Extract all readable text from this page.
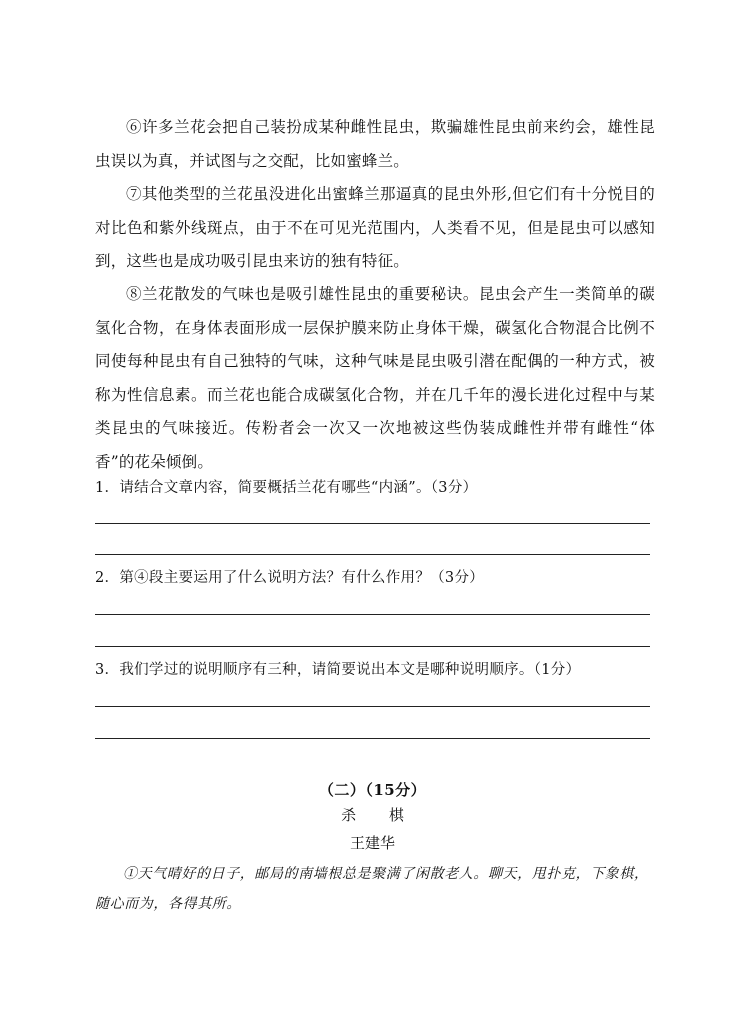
⑥许多兰花会把自己装扮成某种雌性昆虫，欺骗雄性昆虫前来约会，雄性昆虫误以为真，并试图与之交配，比如蜜蜂兰。

⑦其他类型的兰花虽没进化出蜜蜂兰那逼真的昆虫外形,但它们有十分悦目的对比色和紫外线斑点，由于不在可见光范围内，人类看不见，但是昆虫可以感知到，这些也是成功吸引昆虫来访的独有特征。

⑧兰花散发的气味也是吸引雄性昆虫的重要秘诀。昆虫会产生一类简单的碳氢化合物，在身体表面形成一层保护膜来防止身体干燥，碳氢化合物混合比例不同使每种昆虫有自己独特的气味，这种气味是昆虫吸引潜在配偶的一种方式，被称为性信息素。而兰花也能合成碳氢化合物，并在几千年的漫长进化过程中与某类昆虫的气味接近。传粉者会一次又一次地被这些伪装成雌性并带有雌性“体香”的花朵倾倒。

1．请结合文章内容，简要概括兰花有哪些“内涵”。（3分）

2．第④段主要运用了什么说明方法？有什么作用？（3分）

3．我们学过的说明顺序有三种，请简要说出本文是哪种说明顺序。（1分）

（二）（15分）

杀 棋

王建华

①天气晴好的日子，邮局的南墙根总是聚满了闲散老人。聊天，甩扑克，下象棋，随心而为，各得其所。
